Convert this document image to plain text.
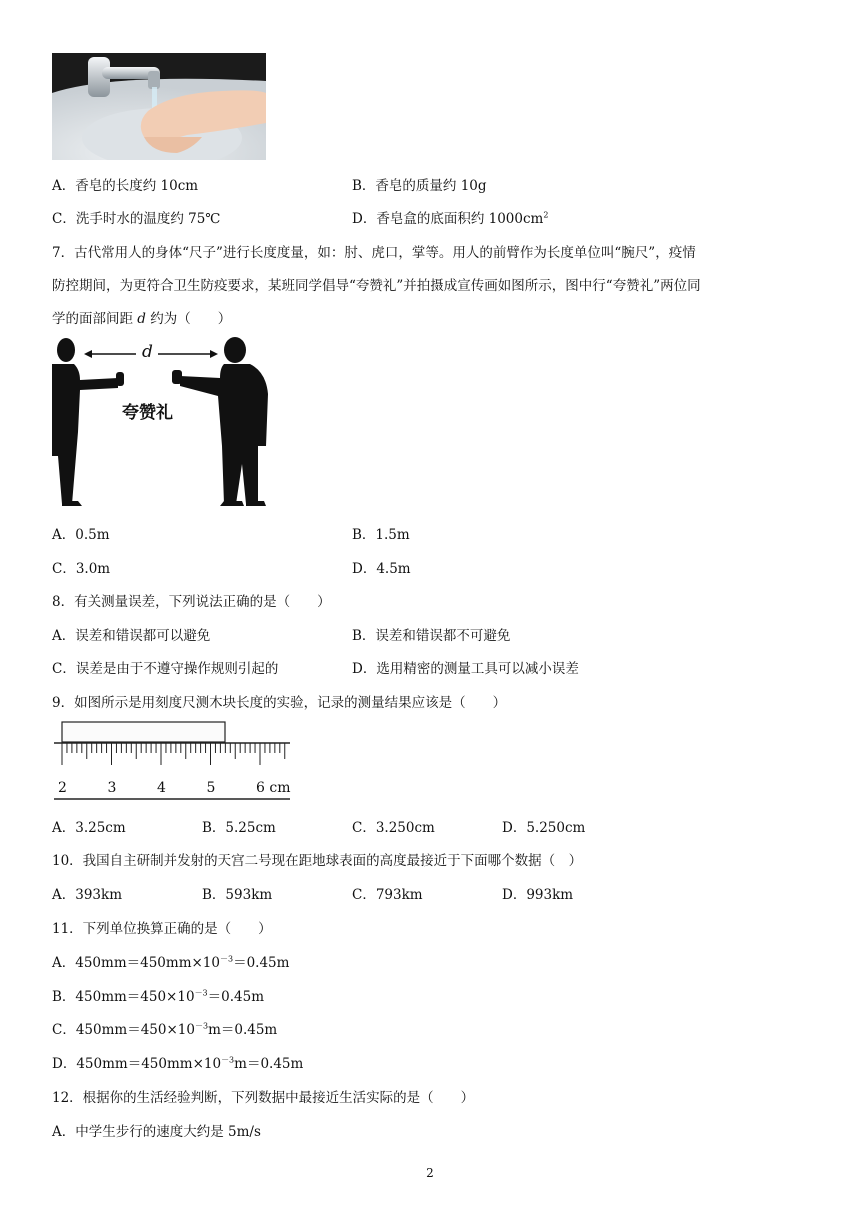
A．香皂的长度约 10cm	B．香皂的质量约 10g
C．洗手时水的温度约 75℃	D．香皂盒的底面积约 $1000cm^2$
7．古代常用人的身体“尺子”进行长度度量，如：肘、虎口，掌等。用人的前臂作为长度单位叫“腕尺”，疫情
防控期间，为更符合卫生防疫要求，某班同学倡导“夸赞礼”并拍摄成宣传画如图所示，图中行“夸赞礼”两位同
学的面部间距 d 约为（　　）
d
夸赞礼
A．0.5m	B．1.5m
C．3.0m	D．4.5m
8．有关测量误差，下列说法正确的是（　　）
A．误差和错误都可以避免	B．误差和错误都不可避免
C．误差是由于不遵守操作规则引起的	D．选用精密的测量工具可以减小误差
9．如图所示是用刻度尺测木块长度的实验，记录的测量结果应该是（　　）
2	3	4	5	6 cm
A．3.25cm	B．5.25cm	C．3.250cm	D．5.250cm
10．我国自主研制并发射的天宫二号现在距地球表面的高度最接近于下面哪个数据（　）
A．393km	B．593km	C．793km	D．993km
11．下列单位换算正确的是（　　）
A．$450mm=450mm\times 10^{-3}=0.45m$
B．$450mm=450\times 10^{-3}=0.45m$
C．$450mm=450\times 10^{-3}m=0.45m$
D．$450mm=450mm\times 10^{-3}m=0.45m$
12．根据你的生活经验判断，下列数据中最接近生活实际的是（　　）
A．中学生步行的速度大约是 5m/s
2
